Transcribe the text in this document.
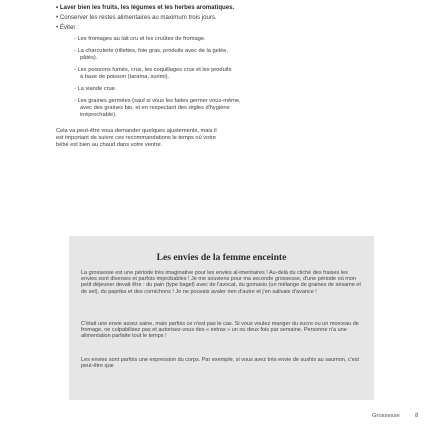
• Laver bien les fruits, les légumes et les herbes aromatiques.
• Conserver les restes alimentaires au maximum trois jours.
• Éviter :
- Les fromages au lait cru et les croûtes de fromage.
- La charcuterie (rillettes, foie gras, produits avec de la gelée,
pâtés).
- Les poissons fumés, crus, les coquillages crus et les produits
à base de poisson (tarama, surimi).
- La viande crue.
- Les graines germées (sauf si vous les faites germer vous-même,
avec des graines bio, et en respectant des règles d'hygiène
irréprochable).
Cela va peut-être vous demander quelques ajustements, mais il
est important de suivre ces recommandations le temps où votre
bébé est bien au chaud dans votre ventre.
Les envies de la femme enceinte
La grossesse est une période très imaginative pour les envies al-imentaires ! Au-delà du cliché des fraises les envies sont diverses et parfois improbables ! Je me souviens pour ma seconde grossesse, d'une période où mon petit déjeuner devait être : du pain (type bagel) avec de l'avocat, du gomasio (un mélange de graines de sésame et de sel), du paprika et des cornichons ! Je ne pouvais avaler rien d'autre et j'en salivais d'avance !
C'était une envie assez saine, mais parfois ce n'est pas le cas. Si vous voulez manger du sucre ou un morceau de fromage, ne culpabilisez pas et autorisez-vous des « extras » un ou deux fois par semaine. Personne n'a une alimentation parfaite tout le temps !
Les envies sont parfois une expression du corps. Par exemple, si vous avez très envie de sushis au saumon, c'est peut-être que
Grossesse	8
